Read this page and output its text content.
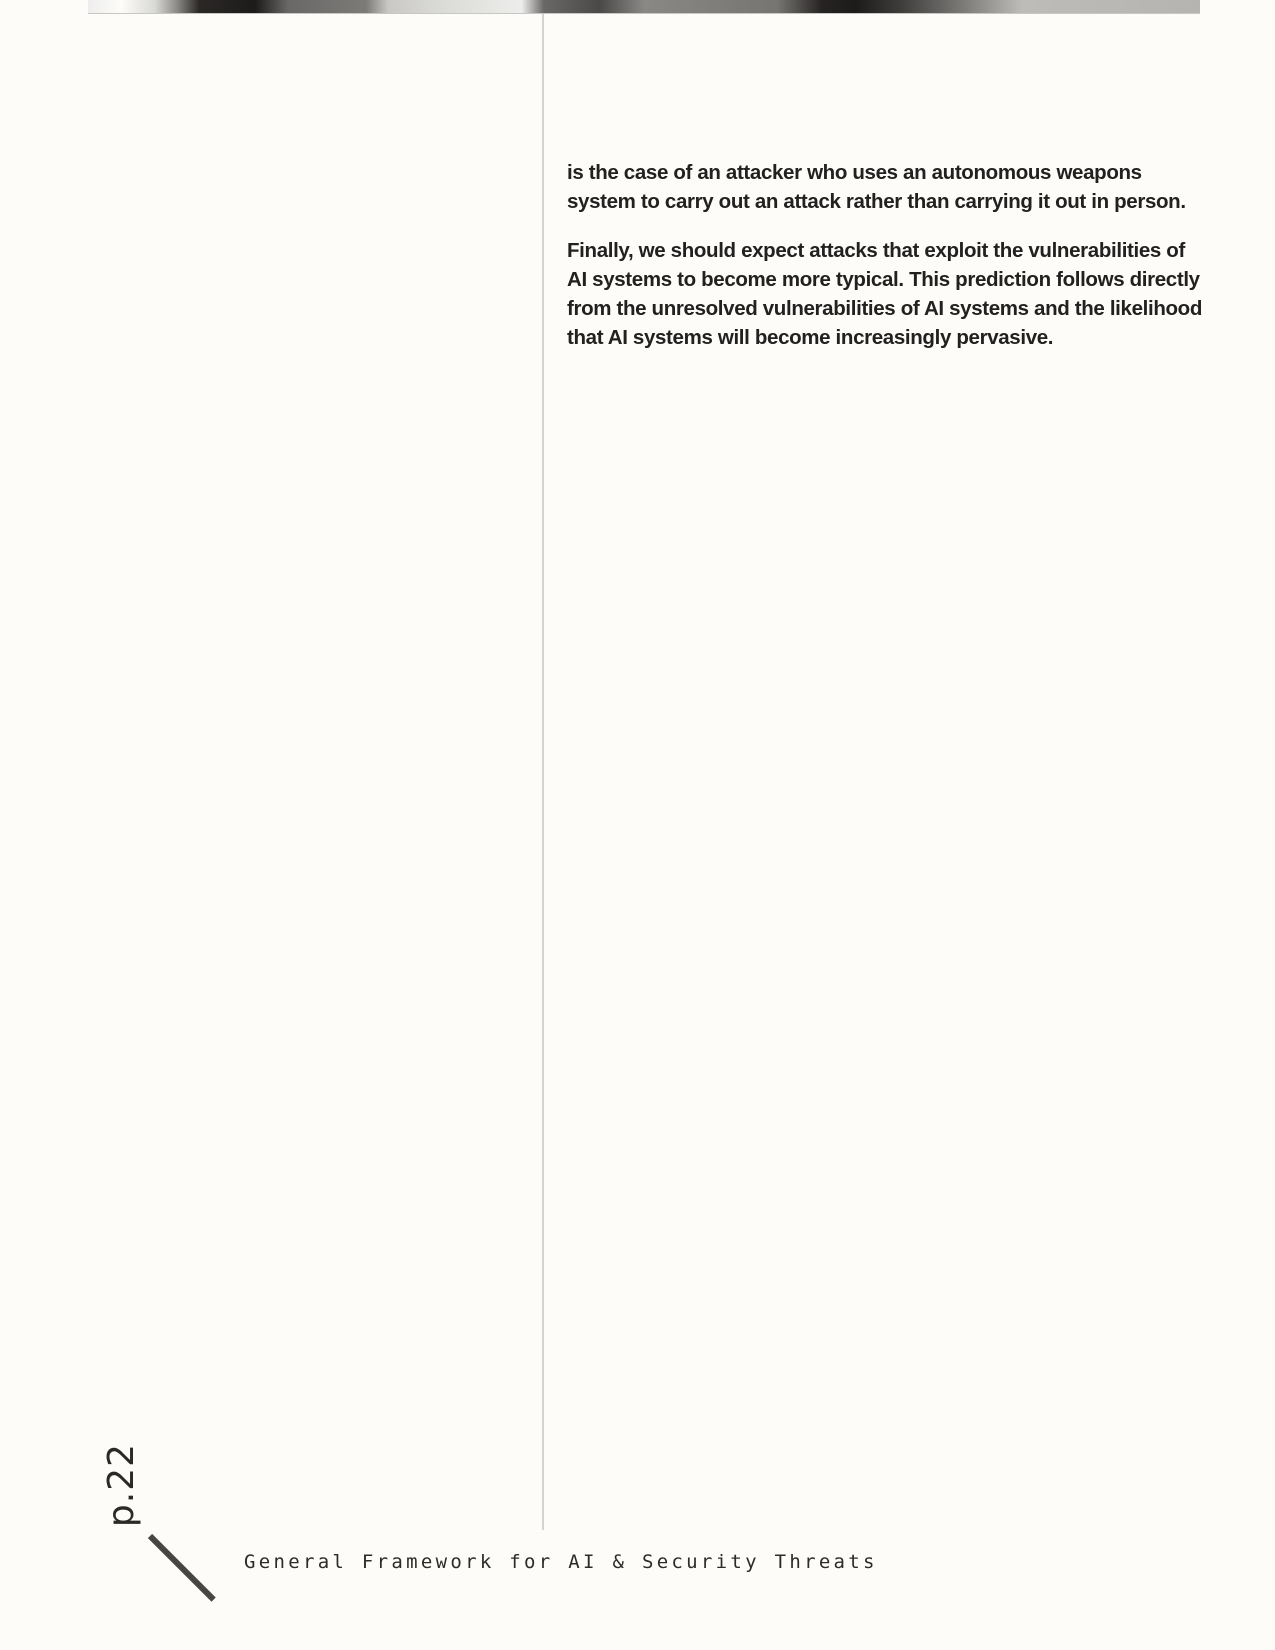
is the case of an attacker who uses an autonomous weapons system to carry out an attack rather than carrying it out in person.

Finally, we should expect attacks that exploit the vulnerabilities of AI systems to become more typical. This prediction follows directly from the unresolved vulnerabilities of AI systems and the likelihood that AI systems will become increasingly pervasive.

p.22
General Framework for AI & Security Threats
